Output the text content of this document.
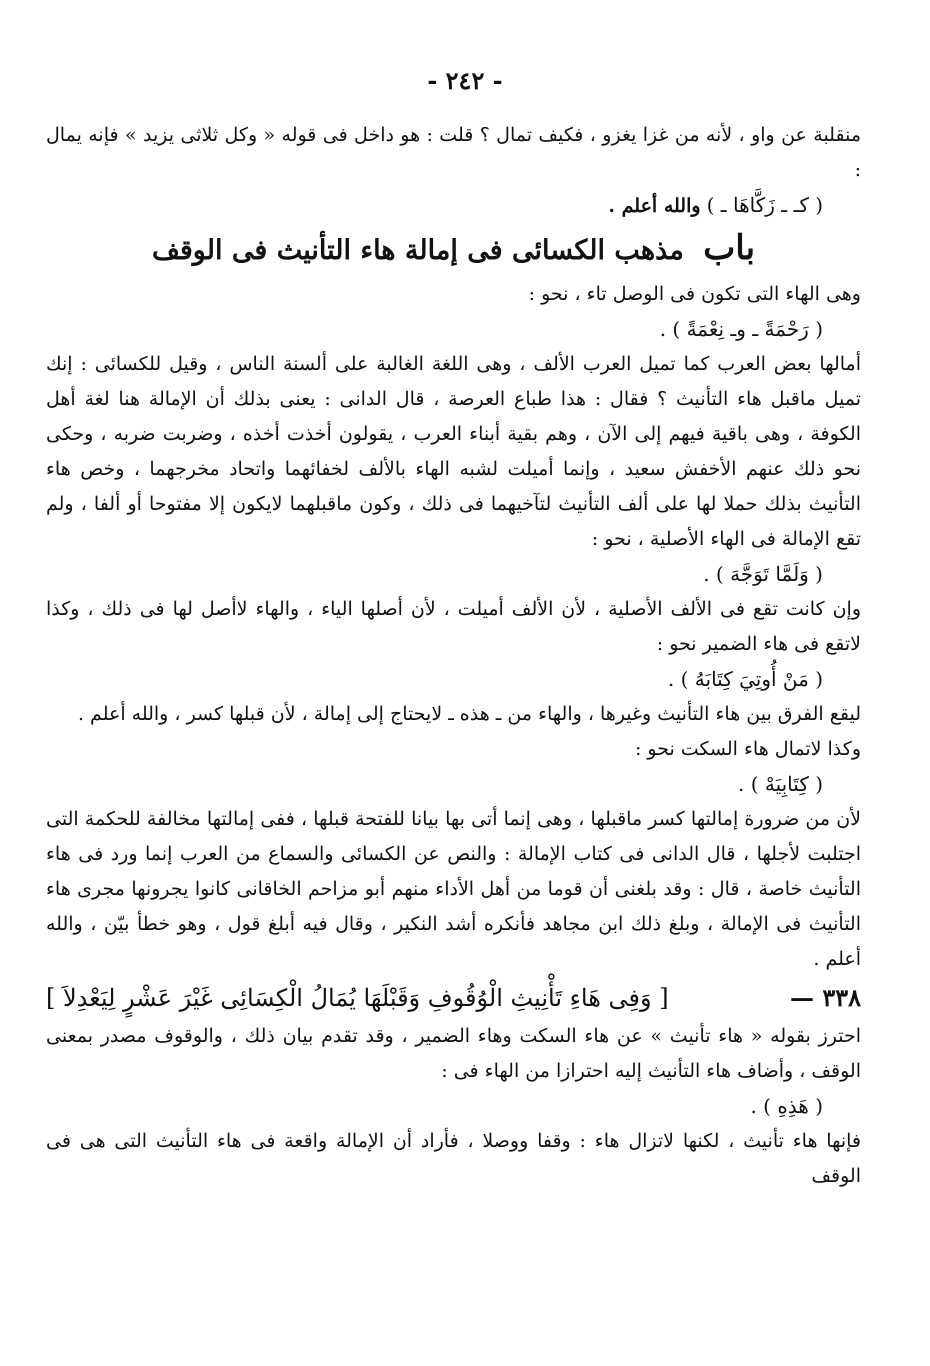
- ٢٤٢ -

منقلبة عن واو ، لأنه من غزا يغزو ، فكيف تمال ؟ قلت : هو داخل فى قوله « وكل ثلاثى يزيد » فإنه يمال :

( كـ ـ زَكَّاهَا ـ ) والله أعلم .

باب مذهب الكسائى فى إمالة هاء التأنيث فى الوقف

وهى الهاء التى تكون فى الوصل تاء ، نحو :

( رَحْمَةً ـ وـ نِعْمَةً ) .

أمالها بعض العرب كما تميل العرب الألف ، وهى اللغة الغالبة على ألسنة الناس ، وقيل للكسائى : إنك تميل ماقبل هاء التأنيث ؟ فقال : هذا طباع العرصة ، قال الدانى : يعنى بذلك أن الإمالة هنا لغة أهل الكوفة ، وهى باقية فيهم إلى الآن ، وهم بقية أبناء العرب ، يقولون أخذت أخذه ، وضربت ضربه ، وحكى نحو ذلك عنهم الأخفش سعيد ، وإنما أميلت لشبه الهاء بالألف لخفائهما واتحاد مخرجهما ، وخص هاء التأنيث بذلك حملا لها على ألف التأنيث لتآخيهما فى ذلك ، وكون ماقبلهما لايكون إلا مفتوحا أو ألفا ، ولم تقع الإمالة فى الهاء الأصلية ، نحو :

( وَلَمَّا تَوَجَّهَ ) .

وإن كانت تقع فى الألف الأصلية ، لأن الألف أميلت ، لأن أصلها الياء ، والهاء لاأصل لها فى ذلك ، وكذا لاتقع فى هاء الضمير نحو :

( مَنْ أُوتِيَ كِتَابَهُ ) .

ليقع الفرق بين هاء التأنيث وغيرها ، والهاء من ـ هذه ـ لايحتاج إلى إمالة ، لأن قبلها كسر ، والله أعلم .

وكذا لاتمال هاء السكت نحو :

( كِتَابِيَهْ ) .

لأن من ضرورة إمالتها كسر ماقبلها ، وهى إنما أتى بها بيانا للفتحة قبلها ، ففى إمالتها مخالفة للحكمة التى اجتلبت لأجلها ، قال الدانى فى كتاب الإمالة : والنص عن الكسائى والسماع من العرب إنما ورد فى هاء التأنيث خاصة ، قال : وقد بلغنى أن قوما من أهل الأداء منهم أبو مزاحم الخاقانى كانوا يجرونها مجرى هاء التأنيث فى الإمالة ، وبلغ ذلك ابن مجاهد فأنكره أشد النكير ، وقال فيه أبلغ قول ، وهو خطأ بيّن ، والله أعلم .

٣٣٨ —
[ وَفِى هَاءِ تَأْنِيثِ الْوُقُوفِ وَقَبْلَهَا يُمَالُ الْكِسَائِى غَيْرَ عَشْرٍ لِيَعْدِلاَ ]

احترز بقوله « هاء تأنيث » عن هاء السكت وهاء الضمير ، وقد تقدم بيان ذلك ، والوقوف مصدر بمعنى الوقف ، وأضاف هاء التأنيث إليه احترازا من الهاء فى :

( هَذِهِ ) .

فإنها هاء تأنيث ، لكنها لاتزال هاء : وقفا ووصلا ، فأراد أن الإمالة واقعة فى هاء التأنيث التى هى فى الوقف
